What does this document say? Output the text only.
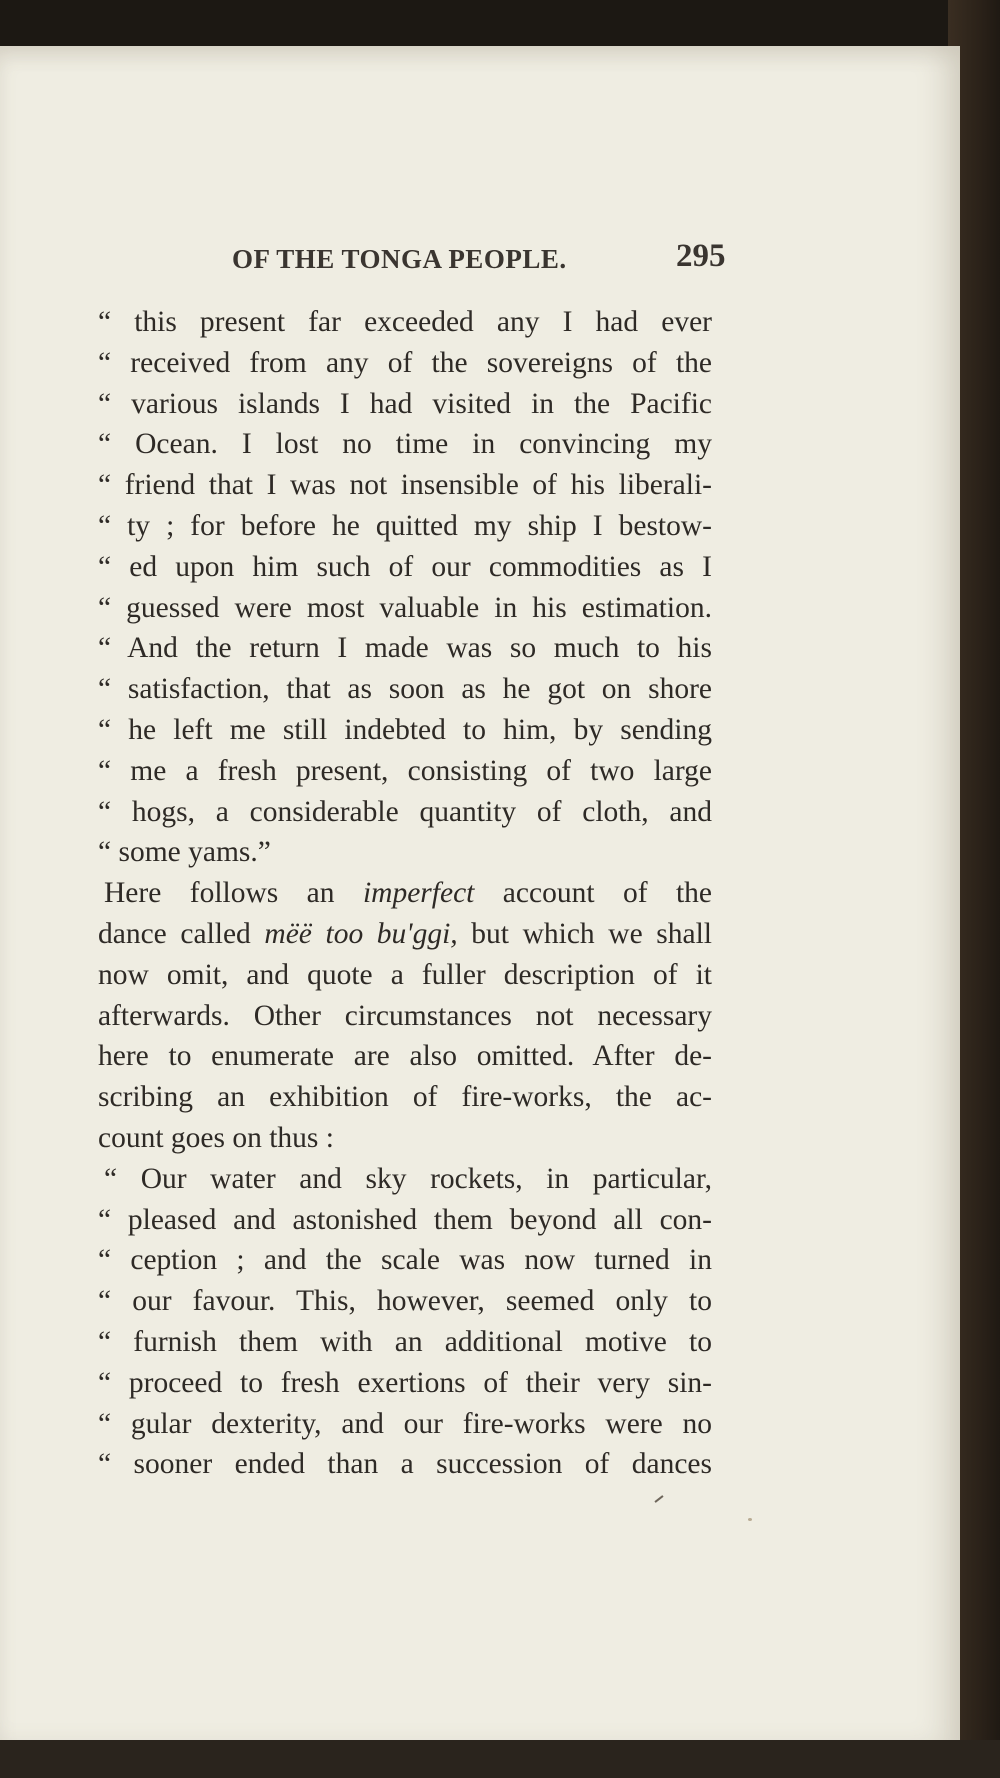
OF THE TONGA PEOPLE.	295
“ this present far exceeded any I had ever
“ received from any of the sovereigns of the
“ various islands I had visited in the Pacific
“ Ocean. I lost no time in convincing my
“ friend that I was not insensible of his liberali-
“ ty ; for before he quitted my ship I bestow-
“ ed upon him such of our commodities as I
“ guessed were most valuable in his estimation.
“ And the return I made was so much to his
“ satisfaction, that as soon as he got on shore
“ he left me still indebted to him, by sending
“ me a fresh present, consisting of two large
“ hogs, a considerable quantity of cloth, and
“ some yams.”
Here follows an imperfect account of the
dance called mëë too bu'ggi, but which we shall
now omit, and quote a fuller description of it
afterwards. Other circumstances not necessary
here to enumerate are also omitted. After de-
scribing an exhibition of fire-works, the ac-
count goes on thus :
“ Our water and sky rockets, in particular,
“ pleased and astonished them beyond all con-
“ ception ; and the scale was now turned in
“ our favour. This, however, seemed only to
“ furnish them with an additional motive to
“ proceed to fresh exertions of their very sin-
“ gular dexterity, and our fire-works were no
“ sooner ended than a succession of dances
